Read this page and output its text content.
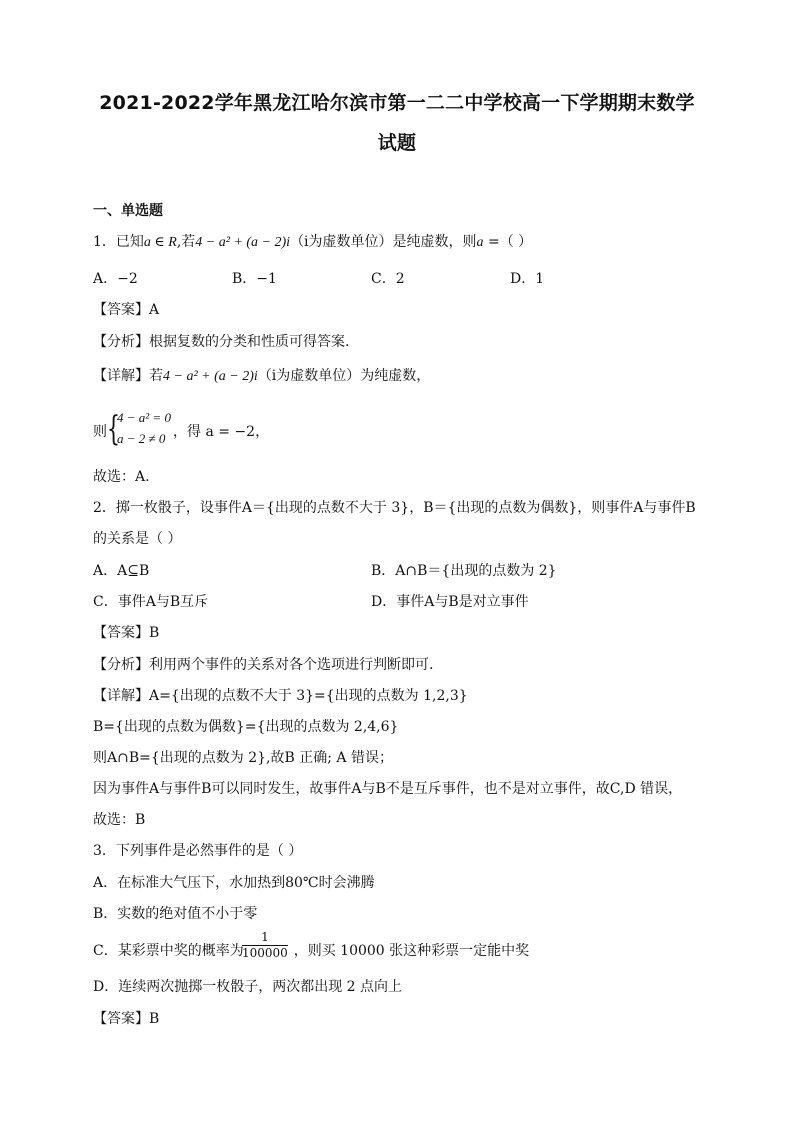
2021-2022学年黑龙江哈尔滨市第一二二中学校高一下学期期末数学
试题
一、单选题
1．已知a ∈ R,若4 − a² + (a − 2)i（i为虚数单位）是纯虚数，则a =（ ）
A．−2	B．−1	C．2	D．1
【答案】A
【分析】根据复数的分类和性质可得答案.
【详解】若4 − a² + (a − 2)i（i为虚数单位）为纯虚数，
则 {
4 − a² = 0
a − 2 ≠ 0 ，得 a = −2，
故选：A.
2．掷一枚骰子，设事件A＝{出现的点数不大于 3}，B＝{出现的点数为偶数}，则事件A与事件B
的关系是（ ）
A．A⊆B	B．A∩B＝{出现的点数为 2}
C．事件A与B互斥	D．事件A与B是对立事件
【答案】B
【分析】利用两个事件的关系对各个选项进行判断即可.
【详解】A={出现的点数不大于 3}={出现的点数为 1,2,3}
B={出现的点数为偶数}={出现的点数为 2,4,6}
则A∩B={出现的点数为 2},故B 正确; A 错误；
因为事件A与事件B可以同时发生，故事件A与B不是互斥事件，也不是对立事件，故C,D 错误，
故选：B
3．下列事件是必然事件的是（ ）
A．在标准大气压下，水加热到80℃时会沸腾
B．实数的绝对值不小于零
C．某彩票中奖的概率为	，则买 10000 张这种彩票一定能中奖
$\frac{1}{100000}$
D．连续两次抛掷一枚骰子，两次都出现 2 点向上
【答案】B
